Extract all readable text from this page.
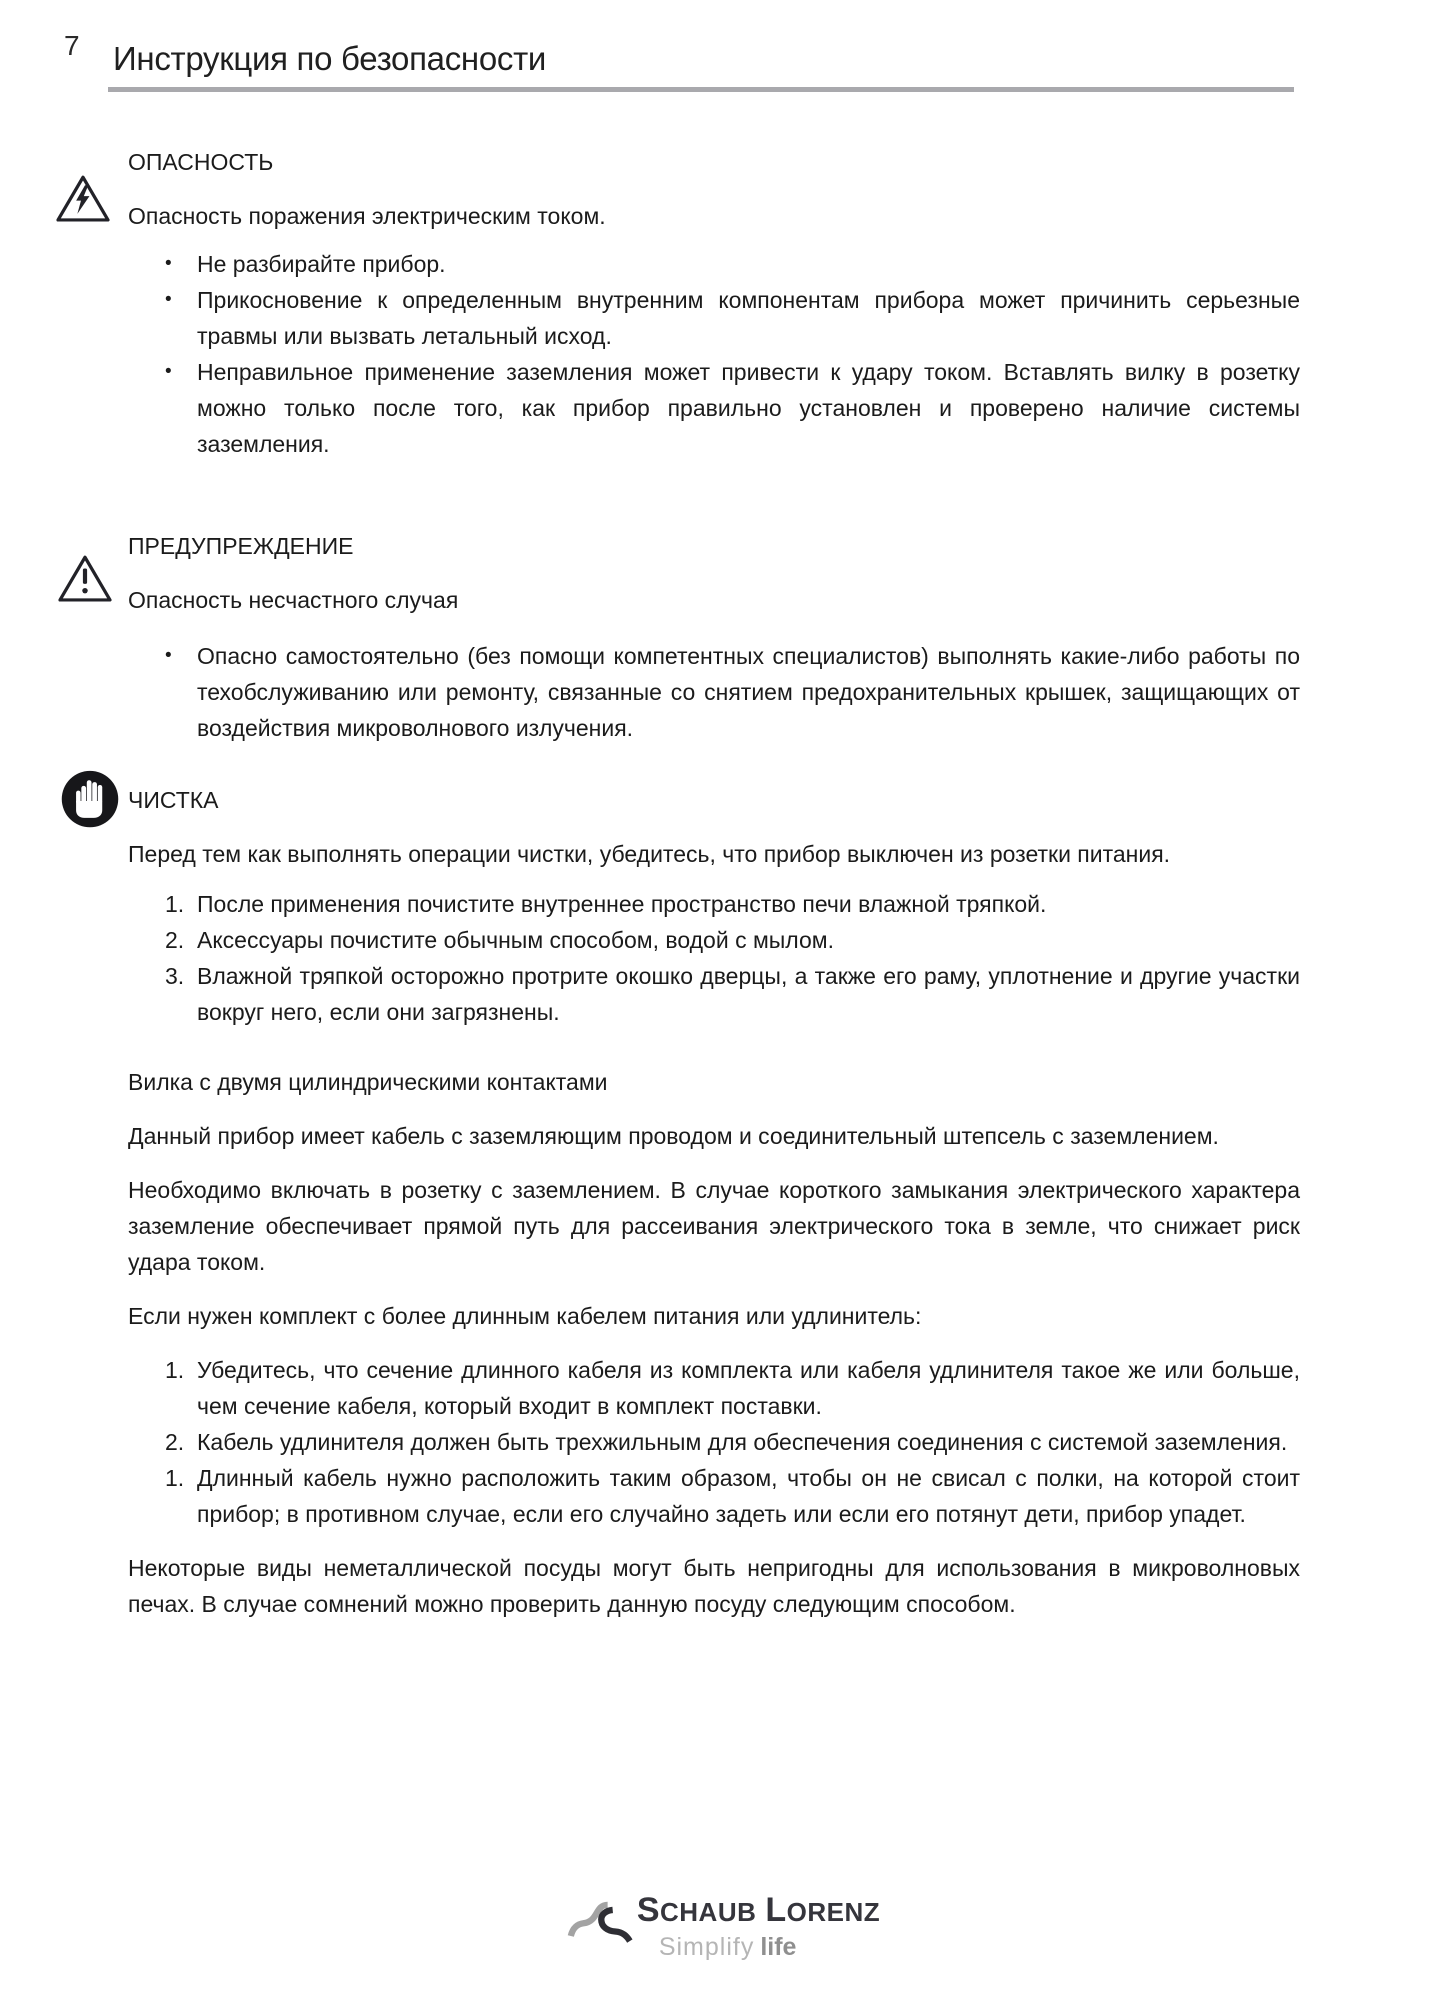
7 Инструкция по безопасности
ОПАСНОСТЬ

Опасность поражения электрическим током.

•	Не разбирайте прибор.
•	Прикосновение к определенным внутренним компонентам прибора может причинить серьезные травмы или вызвать летальный исход.
•	Неправильное применение заземления может привести к удару током. Вставлять вилку в розетку можно только после того, как прибор правильно установлен и проверено наличие системы заземления.
ПРЕДУПРЕЖДЕНИЕ

Опасность несчастного случая

•	Опасно самостоятельно (без помощи компетентных специалистов) выполнять какие-либо работы по техобслуживанию или ремонту, связанные со снятием предохранительных крышек, защищающих от воздействия микроволнового излучения.
ЧИСТКА

Перед тем как выполнять операции чистки, убедитесь, что прибор выключен из розетки питания.

1. После применения почистите внутреннее пространство печи влажной тряпкой.
2. Аксессуары почистите обычным способом, водой с мылом.
3. Влажной тряпкой осторожно протрите окошко дверцы, а также его раму, уплотнение и другие участки вокруг него, если они загрязнены.

Вилка с двумя цилиндрическими контактами

Данный прибор имеет кабель с заземляющим проводом и соединительный штепсель с заземлением.

Необходимо включать в розетку с заземлением. В случае короткого замыкания электрического характера заземление обеспечивает прямой путь для рассеивания электрического тока в земле, что снижает риск удара током.

Если нужен комплект с более длинным кабелем питания или удлинитель:

1. Убедитесь, что сечение длинного кабеля из комплекта или кабеля удлинителя такое же или больше, чем сечение кабеля, который входит в комплект поставки.
2. Кабель удлинителя должен быть трехжильным для обеспечения соединения с системой заземления.
1. Длинный кабель нужно расположить таким образом, чтобы он не свисал с полки, на которой стоит прибор; в противном случае, если его случайно задеть или если его потянут дети, прибор упадет.

Некоторые виды неметаллической посуды могут быть непригодны для использования в микроволновых печах. В случае сомнений можно проверить данную посуду следующим способом.

SCHAUB LORENZ
Simplify life
